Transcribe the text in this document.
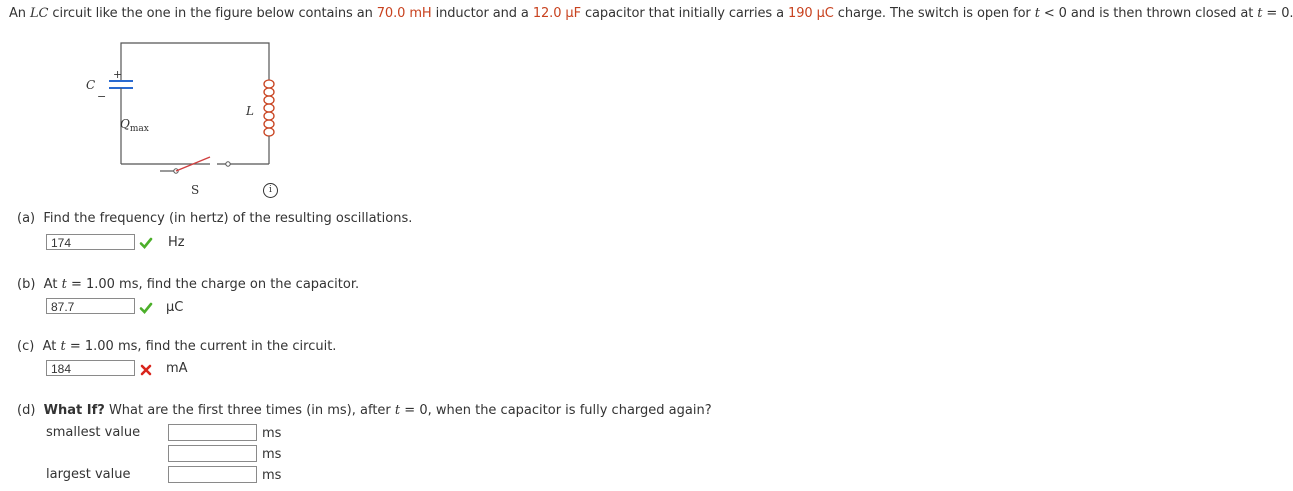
An LC circuit like the one in the figure below contains an 70.0 mH inductor and a 12.0 μF capacitor that initially carries a 190 μC charge. The switch is open for t < 0 and is then thrown closed at t = 0.
+
−
C
$Q_{max}$
L
S	i
(a) Find the frequency (in hertz) of the resulting oscillations.
174	Hz
(b) At t = 1.00 ms, find the charge on the capacitor.
87.7	μC
(c) At t = 1.00 ms, find the current in the circuit.
184	mA
(d) What If? What are the first three times (in ms), after t = 0, when the capacitor is fully charged again?
smallest value	ms
ms
largest value	ms
